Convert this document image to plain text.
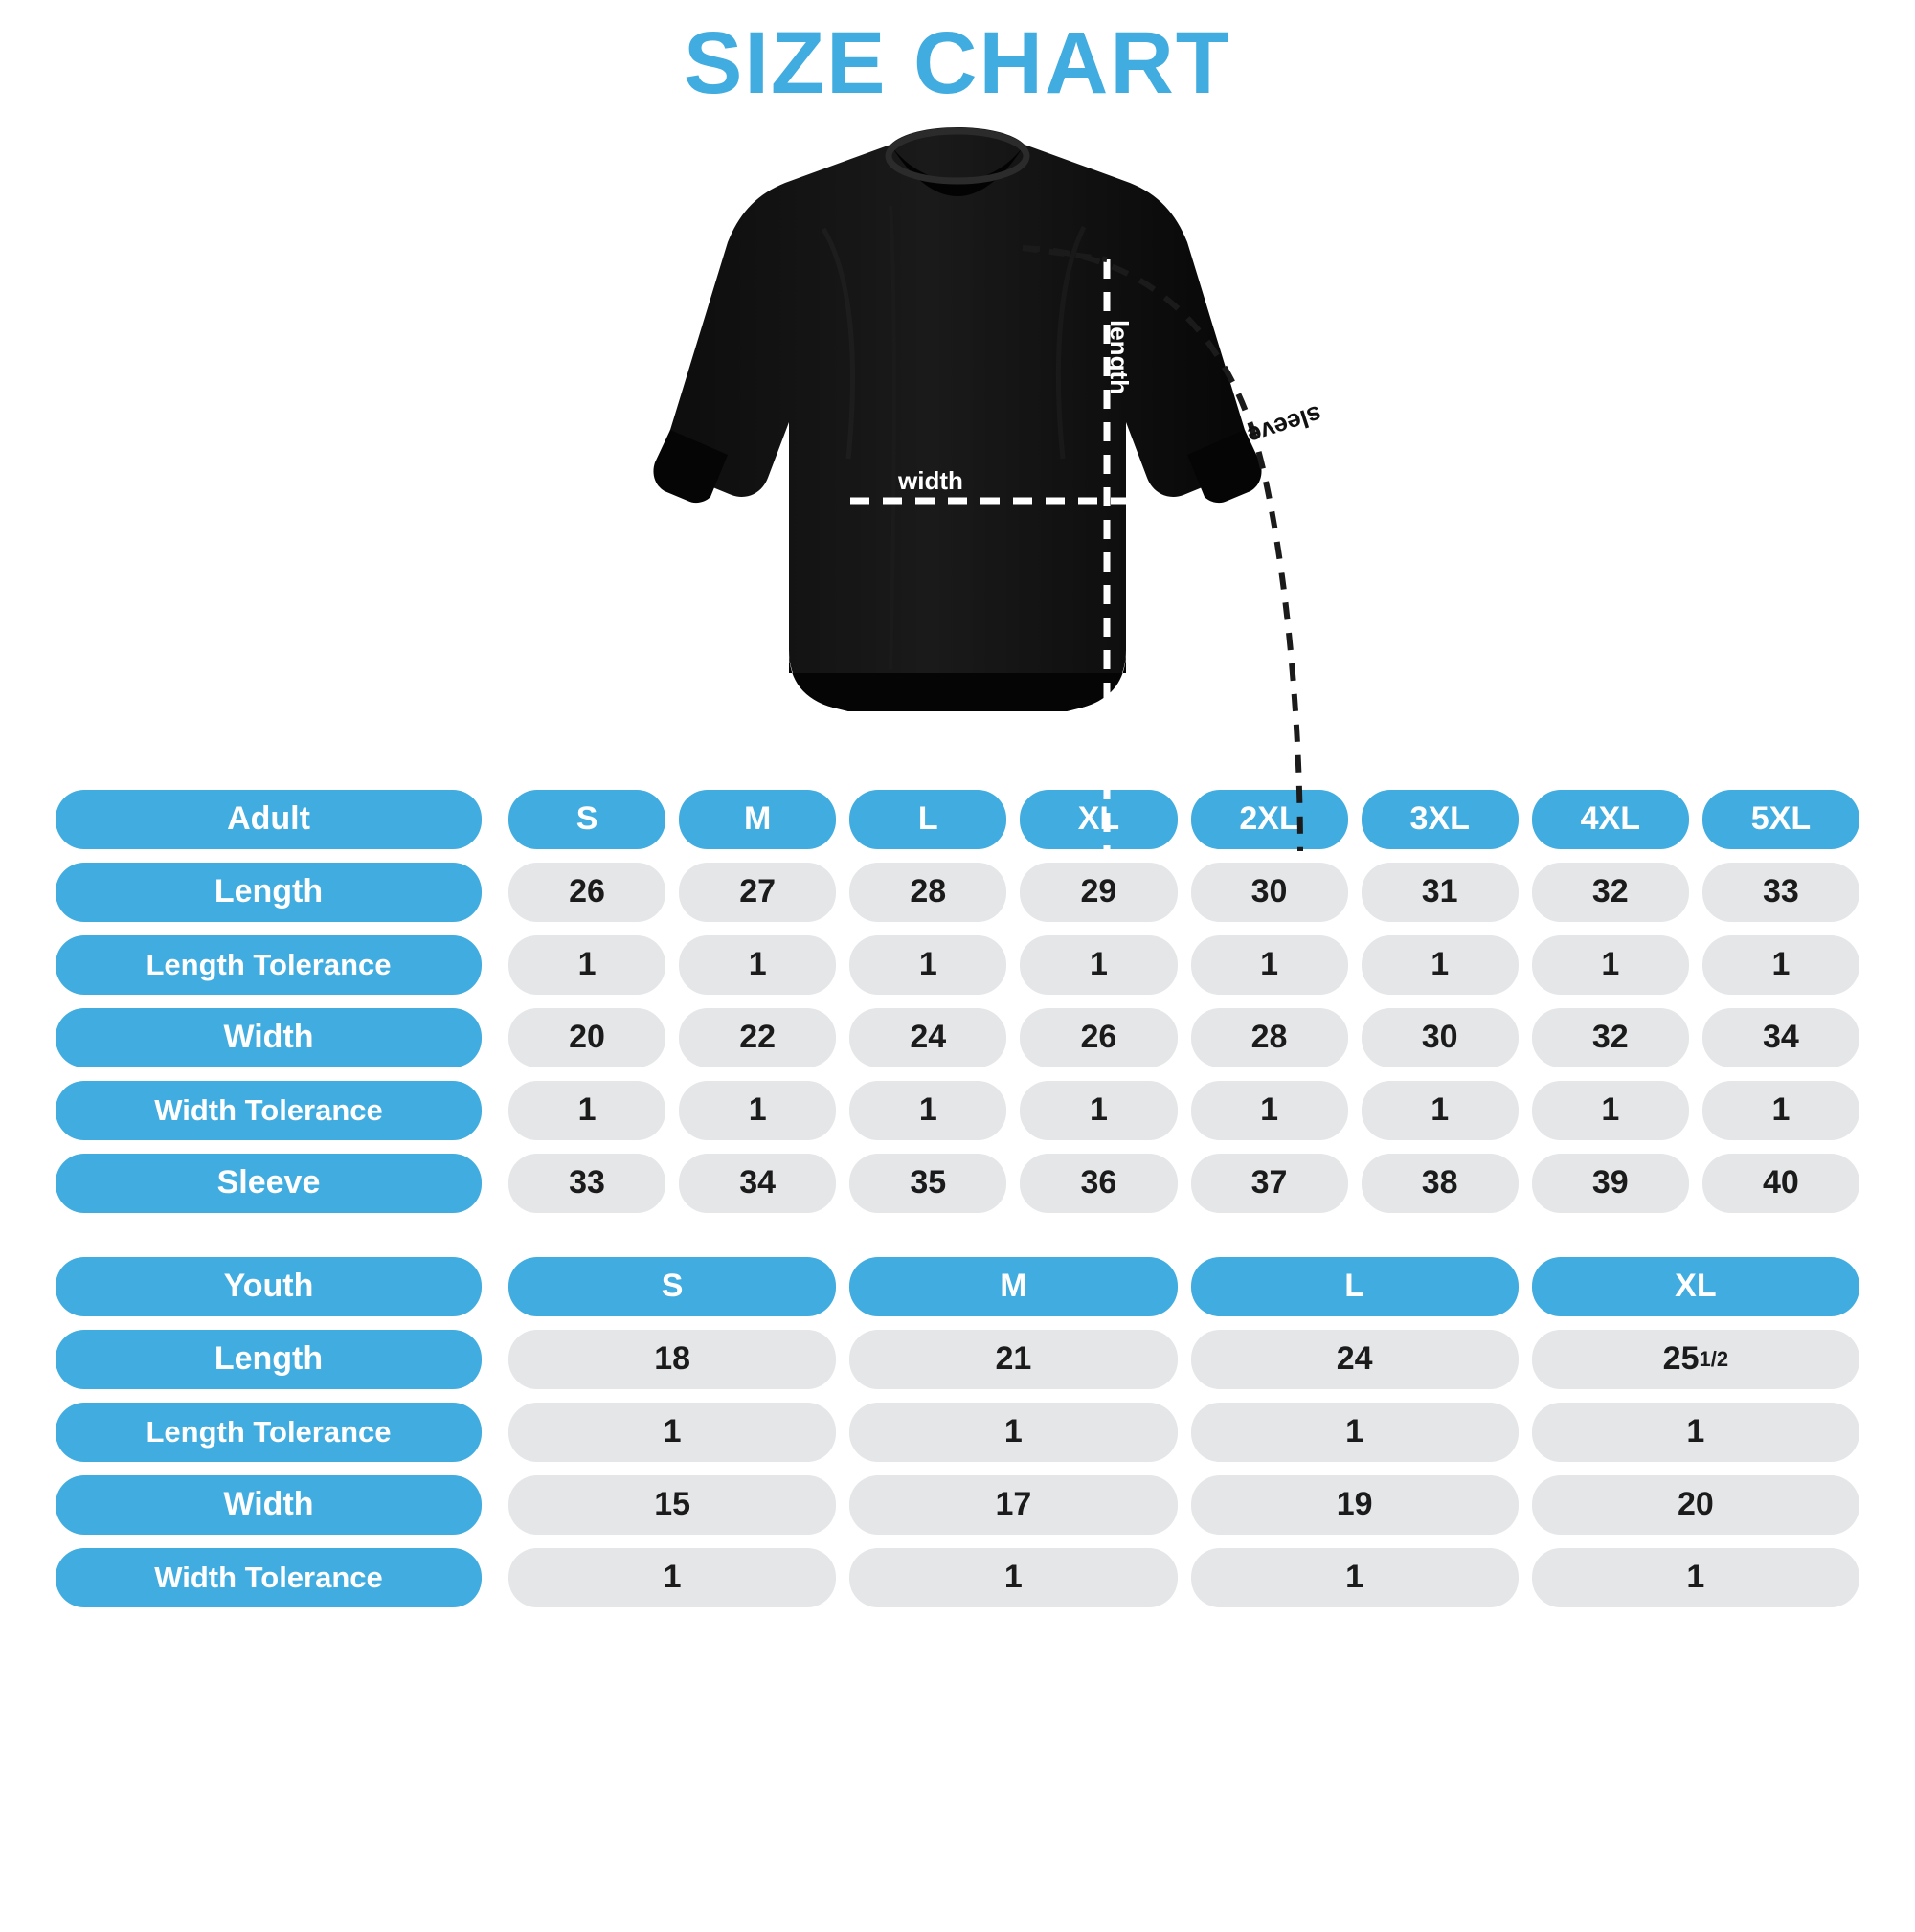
SIZE CHART
width
length
sleeve
Adult	S	M	L	XL	2XL	3XL	4XL	5XL
Length	26	27	28	29	30	31	32	33
Length Tolerance	1	1	1	1	1	1	1	1
Width	20	22	24	26	28	30	32	34
Width Tolerance	1	1	1	1	1	1	1	1
Sleeve	33	34	35	36	37	38	39	40
Youth	S	M	L	XL
Length	18	21	24	25 1/2
Length Tolerance	1	1	1	1
Width	15	17	19	20
Width Tolerance	1	1	1	1
